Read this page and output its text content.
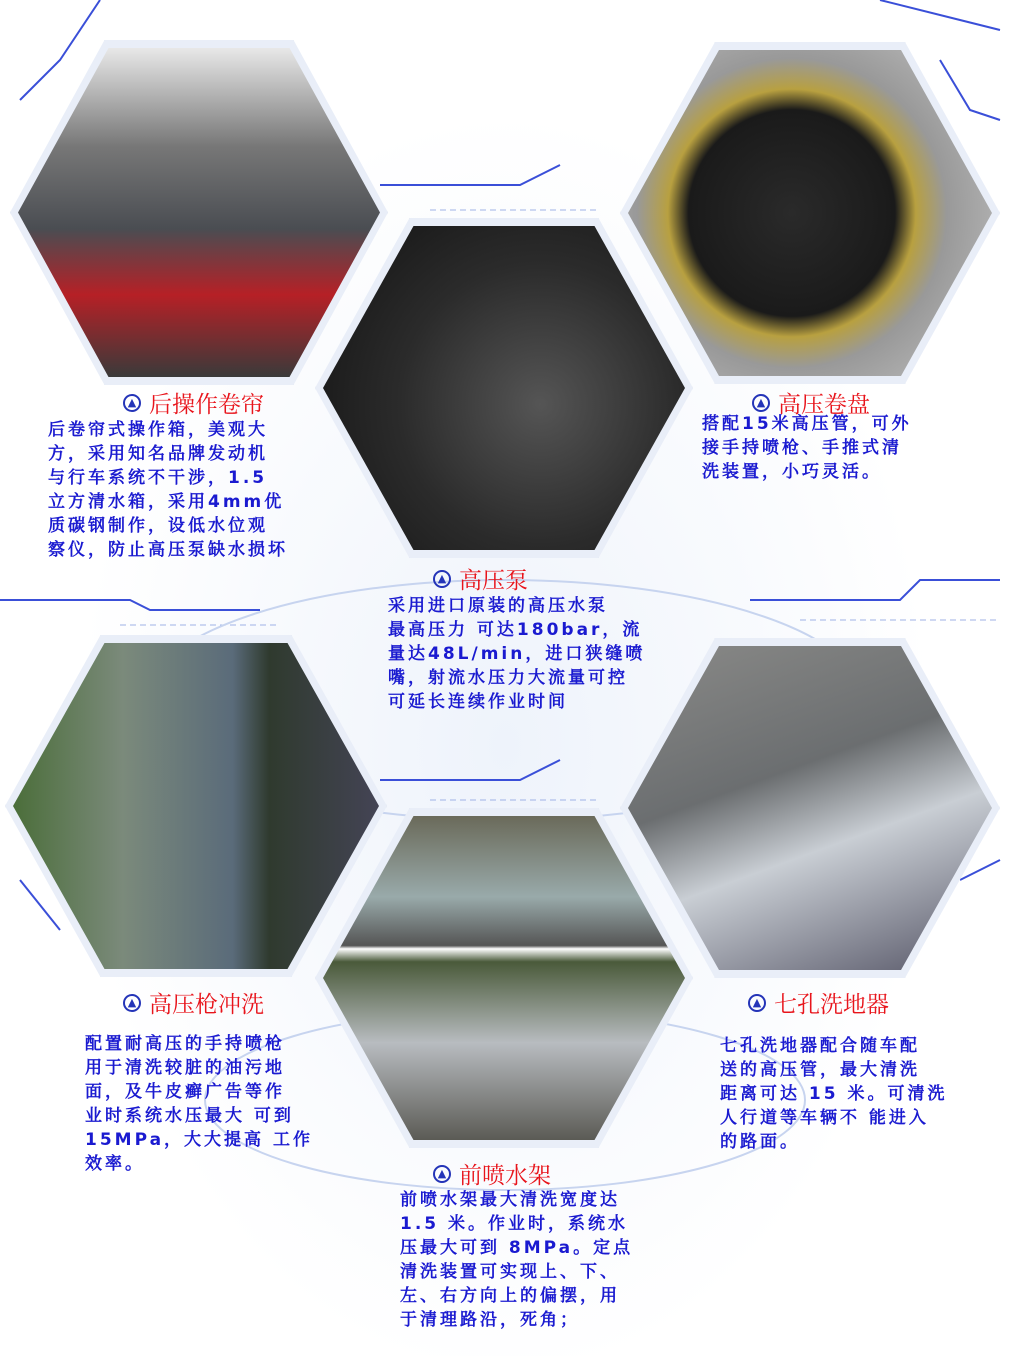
▲ 后操作卷帘
后卷帘式操作箱，美观大
方，采用知名品牌发动机
与行车系统不干涉，1.5
立方清水箱，采用4mm优
质碳钢制作，设低水位观
察仪，防止高压泵缺水损坏
▲ 高压泵
采用进口原装的高压水泵
最高压力 可达180bar，流
量达48L/min，进口狭缝喷
嘴，射流水压力大流量可控
可延长连续作业时间
▲ 高压卷盘
搭配15米高压管，可外
接手持喷枪、手推式清
洗装置，小巧灵活。
▲ 高压枪冲洗
配置耐高压的手持喷枪
用于清洗较脏的油污地
面，及牛皮癣广告等作
业时系统水压最大 可到
15MPa，大大提高 工作
效率。	▲ 前喷水架
前喷水架最大清洗宽度达
1.5 米。作业时，系统水
压最大可到 8MPa。定点
清洗装置可实现上、下、
左、右方向上的偏摆，用
于清理路沿，死角；
▲ 七孔洗地器
七孔洗地器配合随车配
送的高压管，最大清洗
距离可达 15 米。可清洗
人行道等车辆不 能进入
的路面。
